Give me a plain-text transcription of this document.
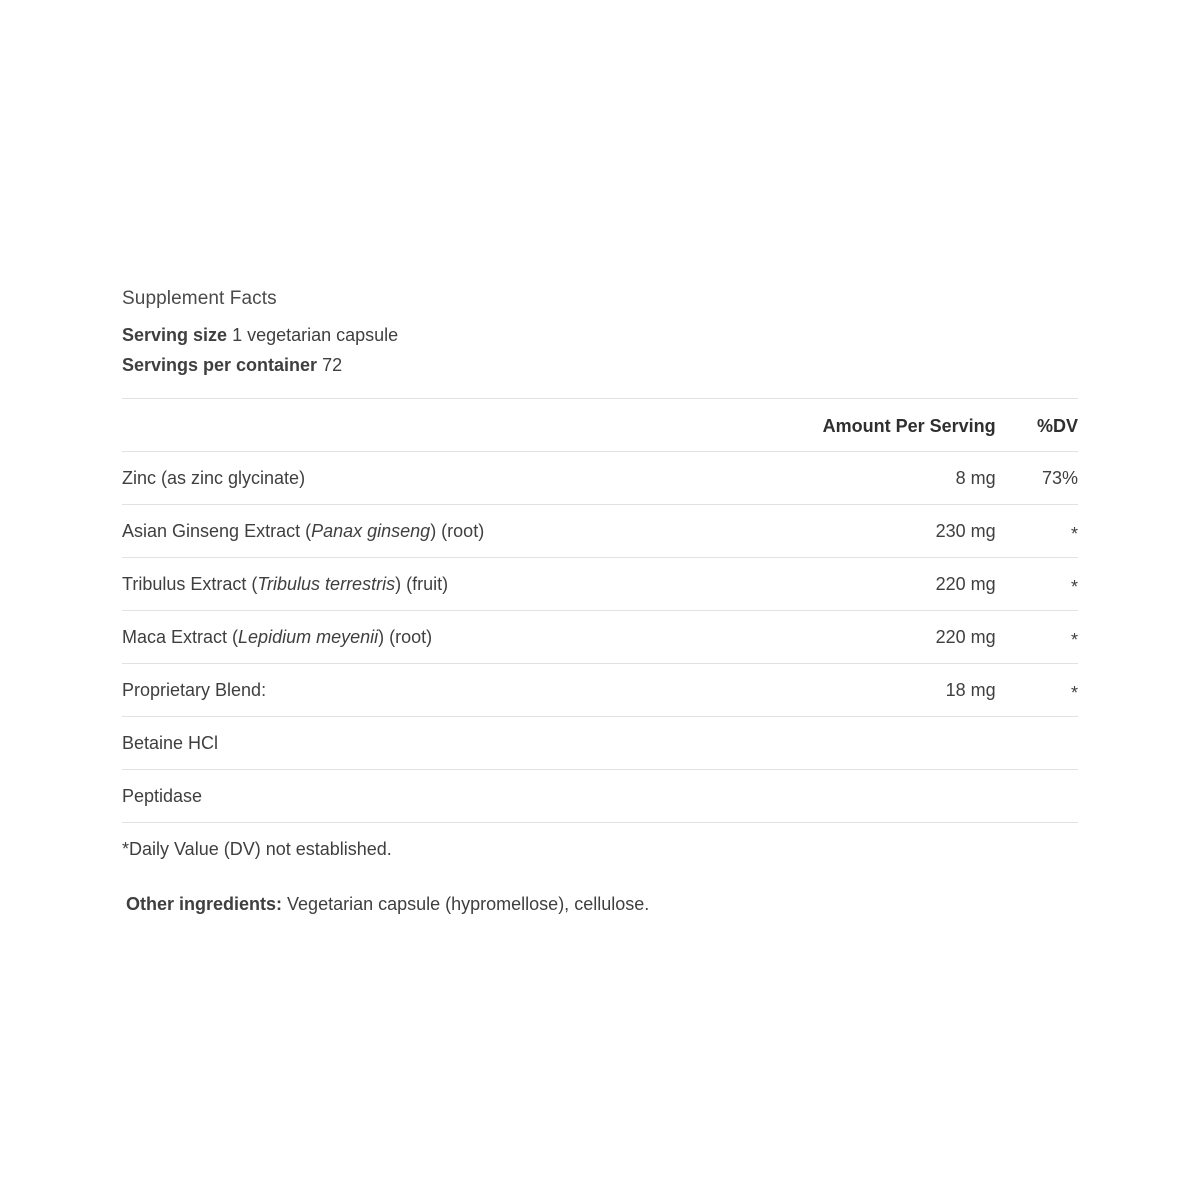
Supplement Facts
Serving size 1 vegetarian capsule
Servings per container 72
	Amount Per Serving	%DV
Zinc (as zinc glycinate)	8 mg	73%
Asian Ginseng Extract (Panax ginseng) (root)	230 mg	*
Tribulus Extract (Tribulus terrestris) (fruit)	220 mg	*
Maca Extract (Lepidium meyenii) (root)	220 mg	*
Proprietary Blend:	18 mg	*
Betaine HCl		
Peptidase		
*Daily Value (DV) not established.		
Other ingredients: Vegetarian capsule (hypromellose), cellulose.
